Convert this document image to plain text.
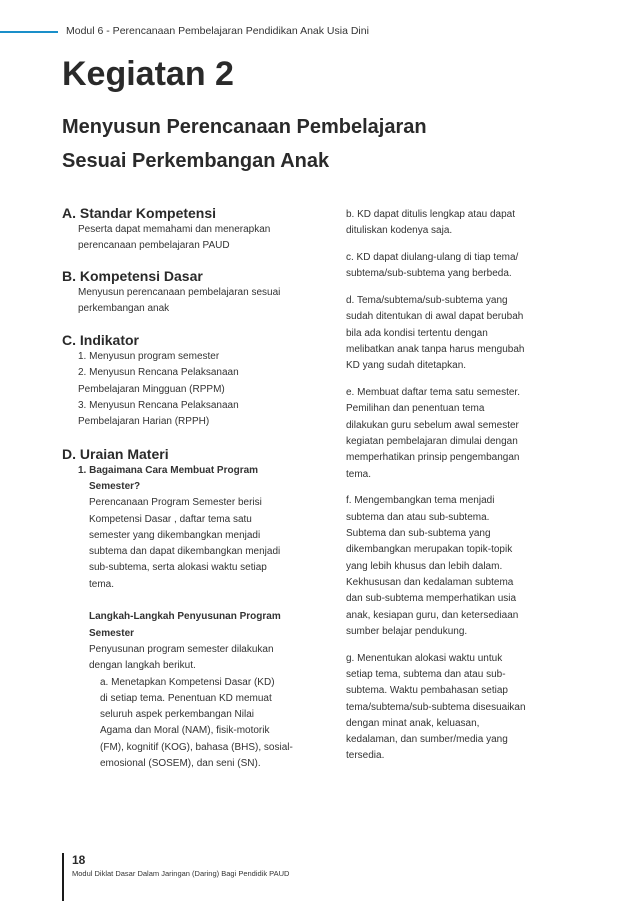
Modul 6 - Perencanaan Pembelajaran Pendidikan Anak Usia Dini
Kegiatan 2
Menyusun Perencanaan Pembelajaran
Sesuai Perkembangan Anak
A. Standar Kompetensi

Peserta dapat memahami dan menerapkan

perencanaan pembelajaran PAUD

B. Kompetensi Dasar

Menyusun perencanaan pembelajaran sesuai

perkembangan anak

C. Indikator

1. Menyusun program semester

2. Menyusun Rencana Pelaksanaan

Pembelajaran Mingguan (RPPM)

3. Menyusun Rencana Pelaksanaan

Pembelajaran Harian (RPPH)

D. Uraian Materi

1. Bagaimana Cara Membuat Program

Semester?

Perencanaan Program Semester berisi

Kompetensi Dasar , daftar tema satu

semester yang dikembangkan menjadi

subtema dan dapat dikembangkan menjadi

sub-subtema, serta alokasi waktu setiap

tema.

Langkah-Langkah Penyusunan Program

Semester

Penyusunan program semester dilakukan

dengan langkah berikut.

a. Menetapkan Kompetensi Dasar (KD)

di setiap tema. Penentuan KD memuat

seluruh aspek perkembangan Nilai

Agama dan Moral (NAM), fisik-motorik

(FM), kognitif (KOG), bahasa (BHS), sosial-

emosional (SOSEM), dan seni (SN).

b. KD dapat ditulis lengkap atau dapat
dituliskan kodenya saja.
c. KD dapat diulang-ulang di tiap tema/
subtema/sub-subtema yang berbeda.
d. Tema/subtema/sub-subtema yang
sudah ditentukan di awal dapat berubah
bila ada kondisi tertentu dengan
melibatkan anak tanpa harus mengubah
KD yang sudah ditetapkan.
e. Membuat daftar tema satu semester.
Pemilihan dan penentuan tema
dilakukan guru sebelum awal semester
kegiatan pembelajaran dimulai dengan
memperhatikan prinsip pengembangan
tema.
f. Mengembangkan tema menjadi
subtema dan atau sub-subtema.
Subtema dan sub-subtema yang
dikembangkan merupakan topik-topik
yang lebih khusus dan lebih dalam.
Kekhususan dan kedalaman subtema
dan sub-subtema memperhatikan usia
anak, kesiapan guru, dan ketersediaan
sumber belajar pendukung.
g. Menentukan alokasi waktu untuk
setiap tema, subtema dan atau sub-
subtema. Waktu pembahasan setiap
tema/subtema/sub-subtema disesuaikan
dengan minat anak, keluasan,
kedalaman, dan sumber/media yang
tersedia.
18
Modul Diklat Dasar Dalam Jaringan (Daring) Bagi Pendidik PAUD
